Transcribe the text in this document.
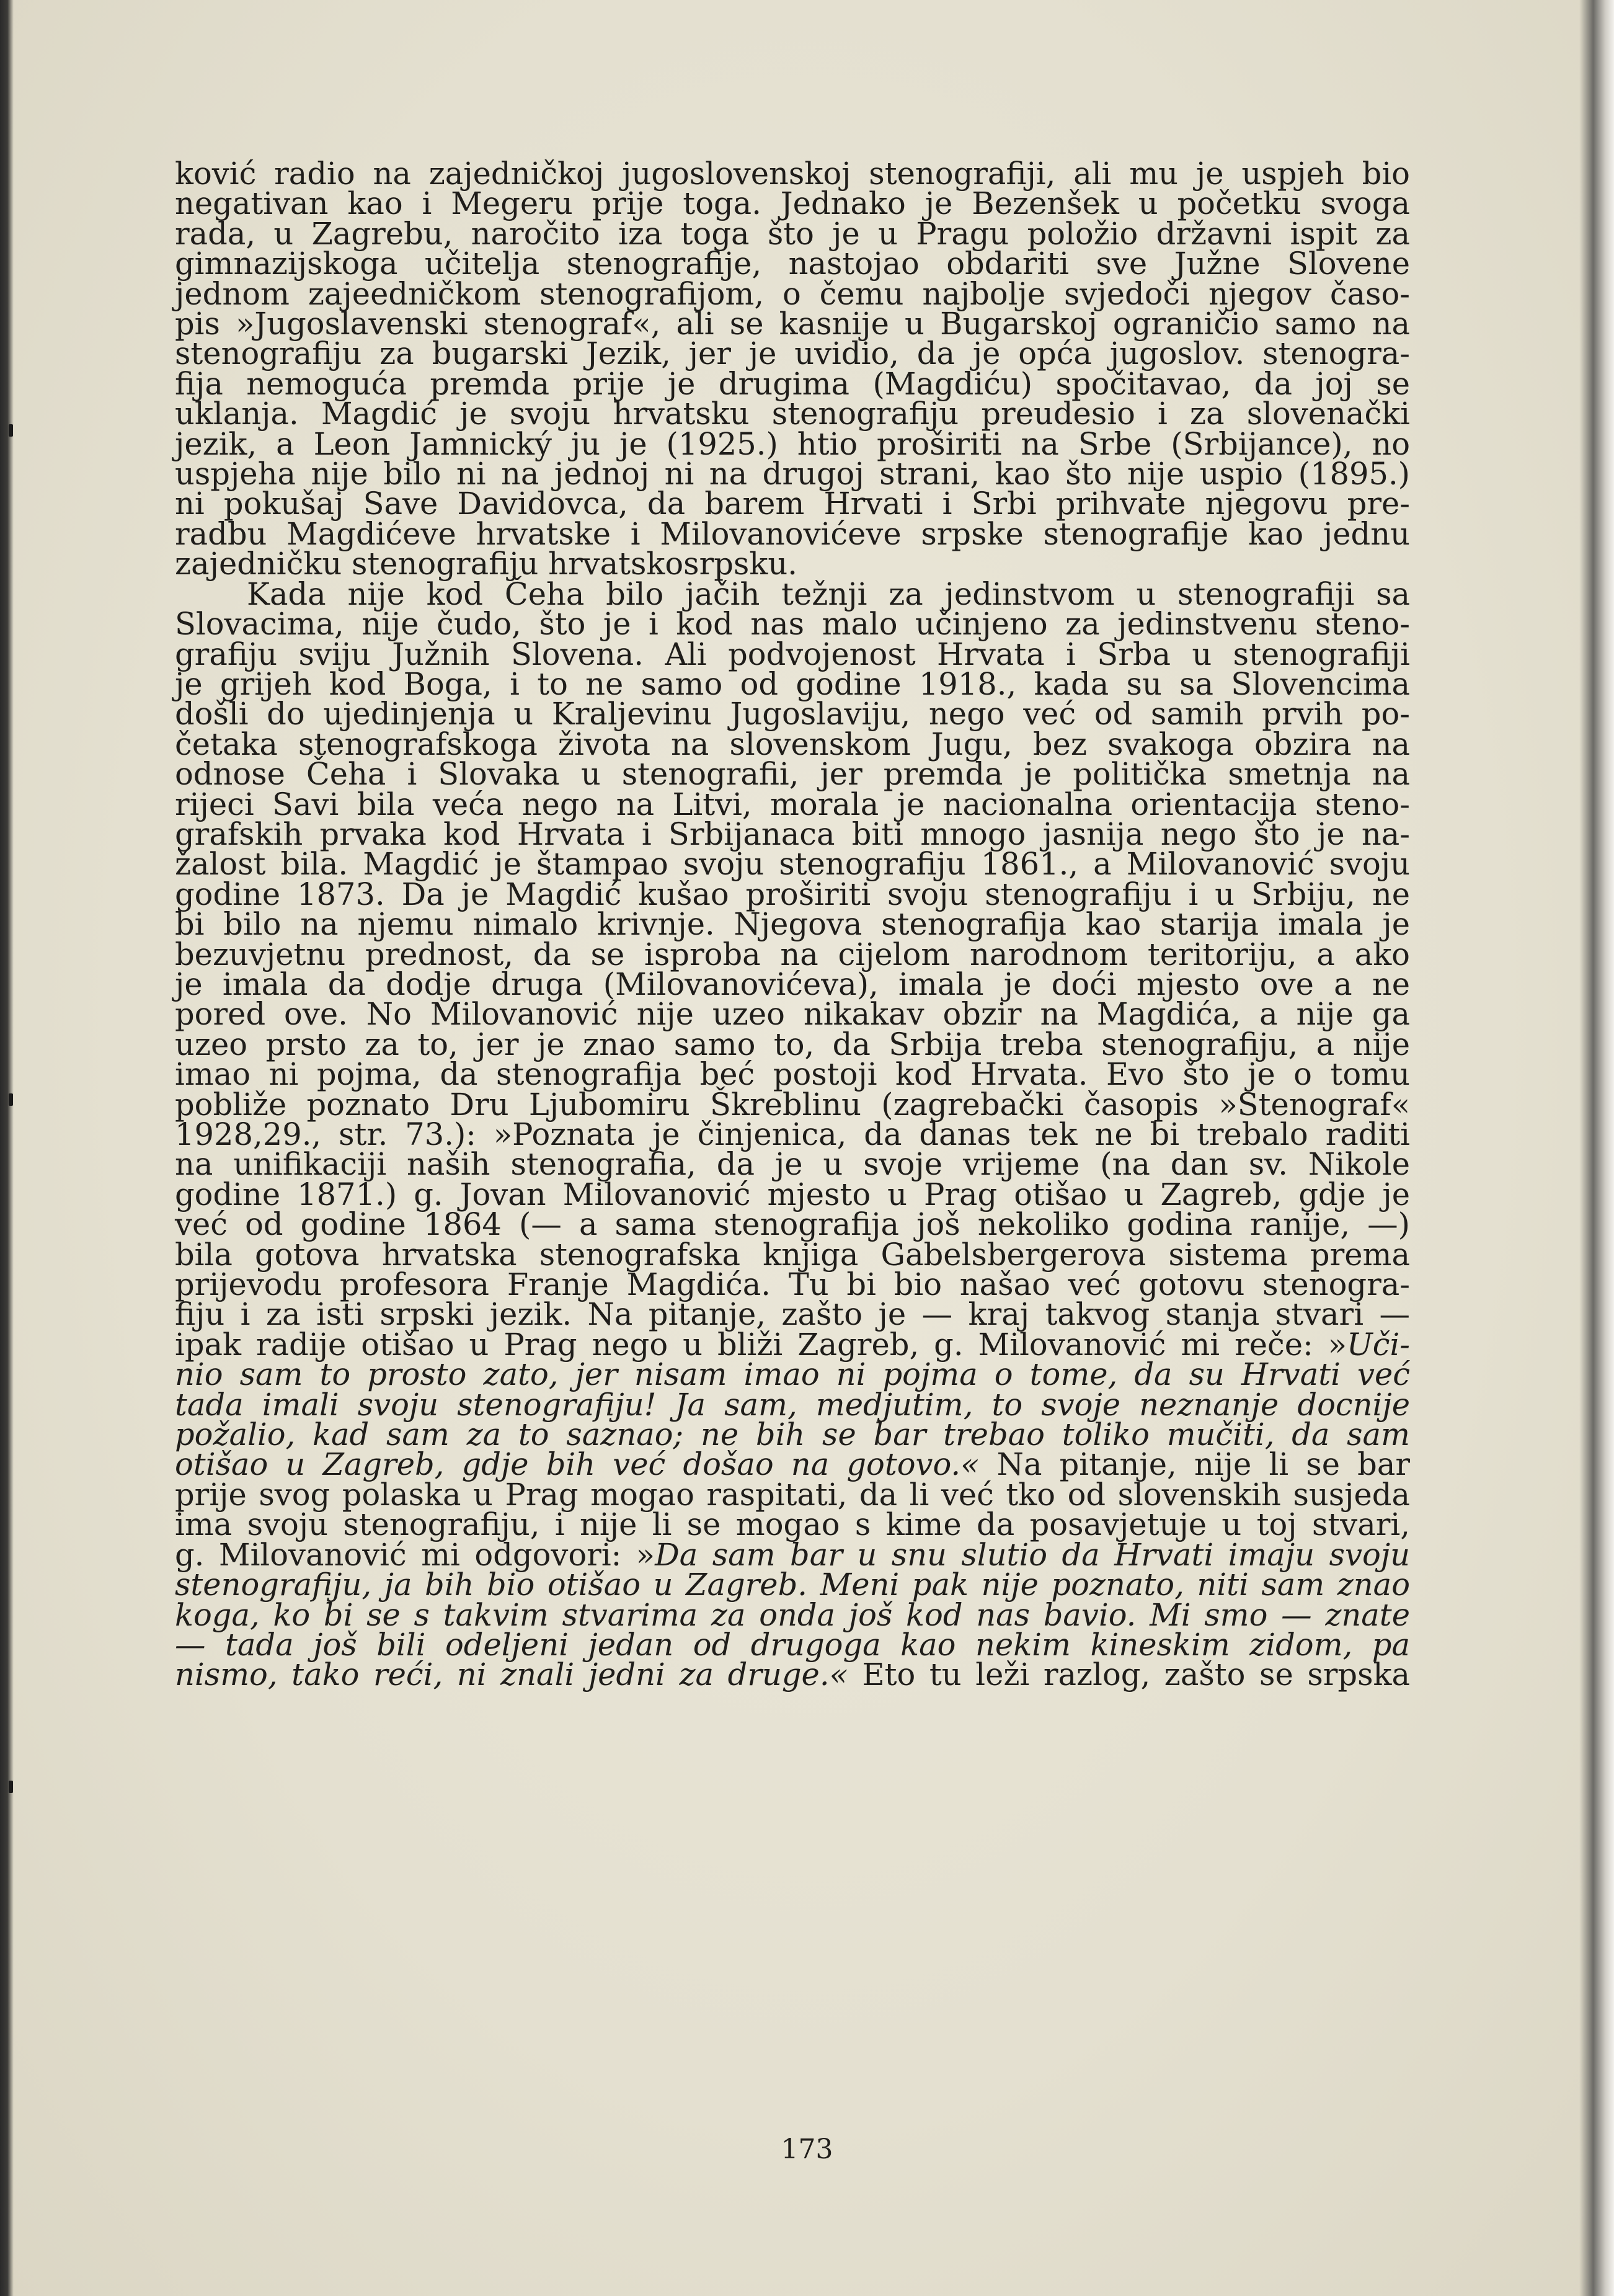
ković radio na zajedničkoj jugoslovenskoj stenografiji, ali mu je uspjeh bio
negativan kao i Megeru prije toga. Jednako je Bezenšek u početku svoga
rada, u Zagrebu, naročito iza toga što je u Pragu položio državni ispit za
gimnazijskoga učitelja stenografije, nastojao obdariti sve Južne Slovene
jednom zajeedničkom stenografijom, o čemu najbolje svjedoči njegov časo-
pis »Jugoslavenski stenograf«, ali se kasnije u Bugarskoj ograničio samo na
stenografiju za bugarski Jezik, jer je uvidio, da je opća jugoslov. stenogra-
fija nemoguća premda prije je drugima (Magdiću) spočitavao, da joj se
uklanja. Magdić je svoju hrvatsku stenografiju preudesio i za slovenački
jezik, a Leon Jamnický ju je (1925.) htio proširiti na Srbe (Srbijance), no
uspjeha nije bilo ni na jednoj ni na drugoj strani, kao što nije uspio (1895.)
ni pokušaj Save Davidovca, da barem Hrvati i Srbi prihvate njegovu pre-
radbu Magdićeve hrvatske i Milovanovićeve srpske stenografije kao jednu
zajedničku stenografiju hrvatskosrpsku.

Kada nije kod Čeha bilo jačih težnji za jedinstvom u stenografiji sa
Slovacima, nije čudo, što je i kod nas malo učinjeno za jedinstvenu steno-
grafiju sviju Južnih Slovena. Ali podvojenost Hrvata i Srba u stenografiji
je grijeh kod Boga, i to ne samo od godine 1918., kada su sa Slovencima
došli do ujedinjenja u Kraljevinu Jugoslaviju, nego već od samih prvih po-
četaka stenografskoga života na slovenskom Jugu, bez svakoga obzira na
odnose Čeha i Slovaka u stenografii, jer premda je politička smetnja na
rijeci Savi bila veća nego na Litvi, morala je nacionalna orientacija steno-
grafskih prvaka kod Hrvata i Srbijanaca biti mnogo jasnija nego što je na-
žalost bila. Magdić je štampao svoju stenografiju 1861., a Milovanović svoju
godine 1873. Da je Magdić kušao proširiti svoju stenografiju i u Srbiju, ne
bi bilo na njemu nimalo krivnje. Njegova stenografija kao starija imala je
bezuvjetnu prednost, da se isproba na cijelom narodnom teritoriju, a ako
je imala da dodje druga (Milovanovićeva), imala je doći mjesto ove a ne
pored ove. No Milovanović nije uzeo nikakav obzir na Magdića, a nije ga
uzeo prsto za to, jer je znao samo to, da Srbija treba stenografiju, a nije
imao ni pojma, da stenografija beć postoji kod Hrvata. Evo što je o tomu
pobliže poznato Dru Ljubomiru Škreblinu (zagrebački časopis »Stenograf«
1928,29., str. 73.): »Poznata je činjenica, da danas tek ne bi trebalo raditi
na unifikaciji naših stenografia, da je u svoje vrijeme (na dan sv. Nikole
godine 1871.) g. Jovan Milovanović mjesto u Prag otišao u Zagreb, gdje je
već od godine 1864 (— a sama stenografija još nekoliko godina ranije, —)
bila gotova hrvatska stenografska knjiga Gabelsbergerova sistema prema
prijevodu profesora Franje Magdića. Tu bi bio našao već gotovu stenogra-
fiju i za isti srpski jezik. Na pitanje, zašto je — kraj takvog stanja stvari —
ipak radije otišao u Prag nego u bliži Zagreb, g. Milovanović mi reče: »Uči-
nio sam to prosto zato, jer nisam imao ni pojma o tome, da su Hrvati već
tada imali svoju stenografiju! Ja sam, medjutim, to svoje neznanje docnije
požalio, kad sam za to saznao; ne bih se bar trebao toliko mučiti, da sam
otišao u Zagreb, gdje bih već došao na gotovo.« Na pitanje, nije li se bar
prije svog polaska u Prag mogao raspitati, da li već tko od slovenskih susjeda
ima svoju stenografiju, i nije li se mogao s kime da posavjetuje u toj stvari,
g. Milovanović mi odgovori: »Da sam bar u snu slutio da Hrvati imaju svoju
stenografiju, ja bih bio otišao u Zagreb. Meni pak nije poznato, niti sam znao
koga, ko bi se s takvim stvarima za onda još kod nas bavio. Mi smo — znate
— tada još bili odeljeni jedan od drugoga kao nekim kineskim zidom, pa
nismo, tako reći, ni znali jedni za druge.« Eto tu leži razlog, zašto se srpska

173
